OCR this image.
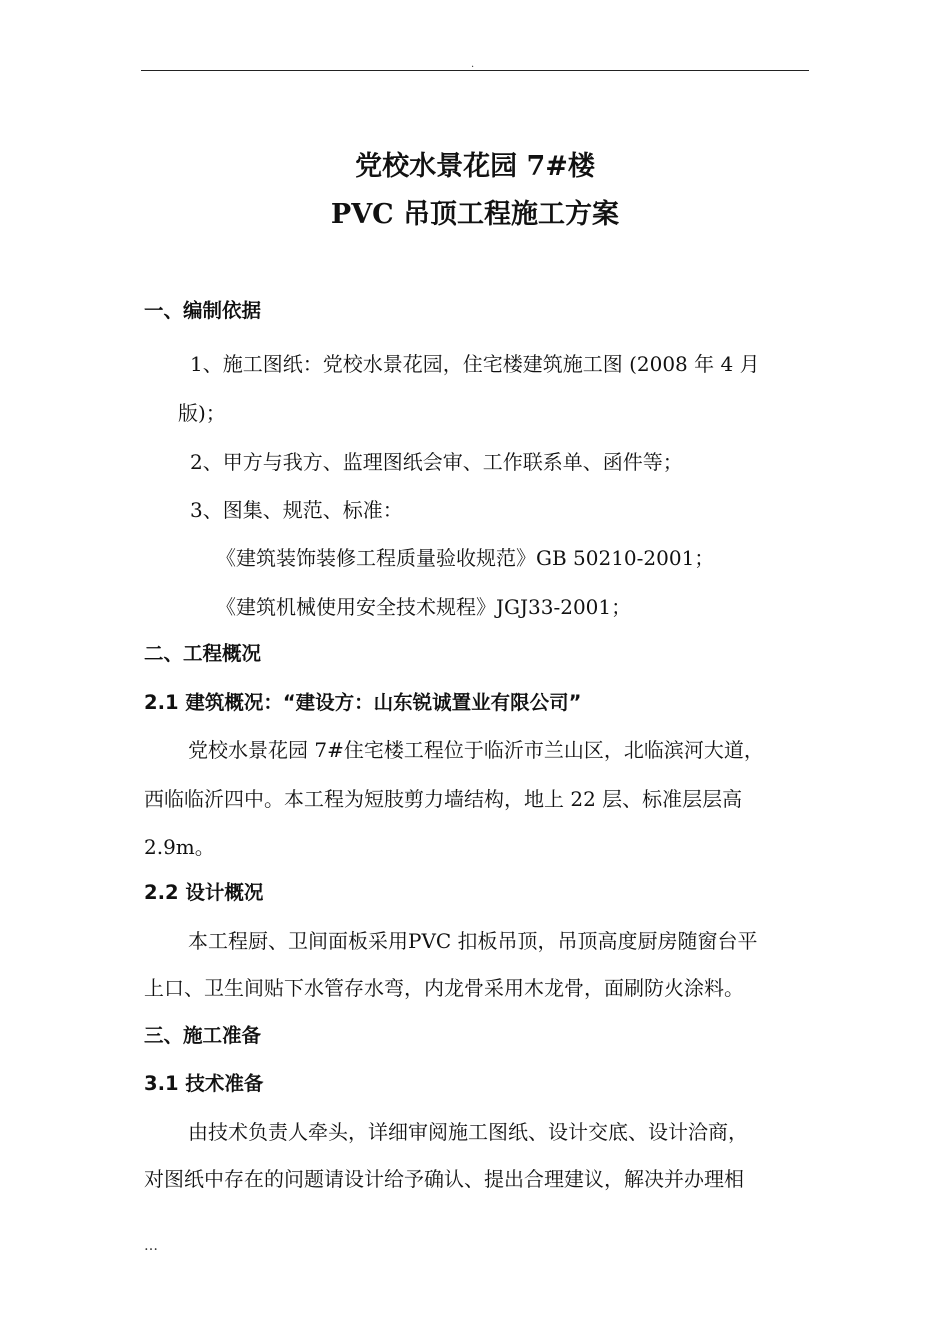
.
党校水景花园 7#楼
PVC 吊顶工程施工方案
一、编制依据
1、施工图纸：党校水景花园，住宅楼建筑施工图 (2008 年 4 月
版)；
2、甲方与我方、监理图纸会审、工作联系单、函件等；
3、图集、规范、标准：
《建筑装饰装修工程质量验收规范》GB 50210-2001；
《建筑机械使用安全技术规程》JGJ33-2001；
二、工程概况
2.1 建筑概况：“建设方：山东锐诚置业有限公司”
党校水景花园 7#住宅楼工程位于临沂市兰山区，北临滨河大道，
西临临沂四中。本工程为短肢剪力墙结构，地上 22 层、标准层层高
2.9m。
2.2 设计概况
本工程厨、卫间面板采用PVC 扣板吊顶，吊顶高度厨房随窗台平
上口、卫生间贴下水管存水弯，内龙骨采用木龙骨，面刷防火涂料。
三、施工准备
3.1 技术准备
由技术负责人牵头，详细审阅施工图纸、设计交底、设计洽商，
对图纸中存在的问题请设计给予确认、提出合理建议，解决并办理相
…
